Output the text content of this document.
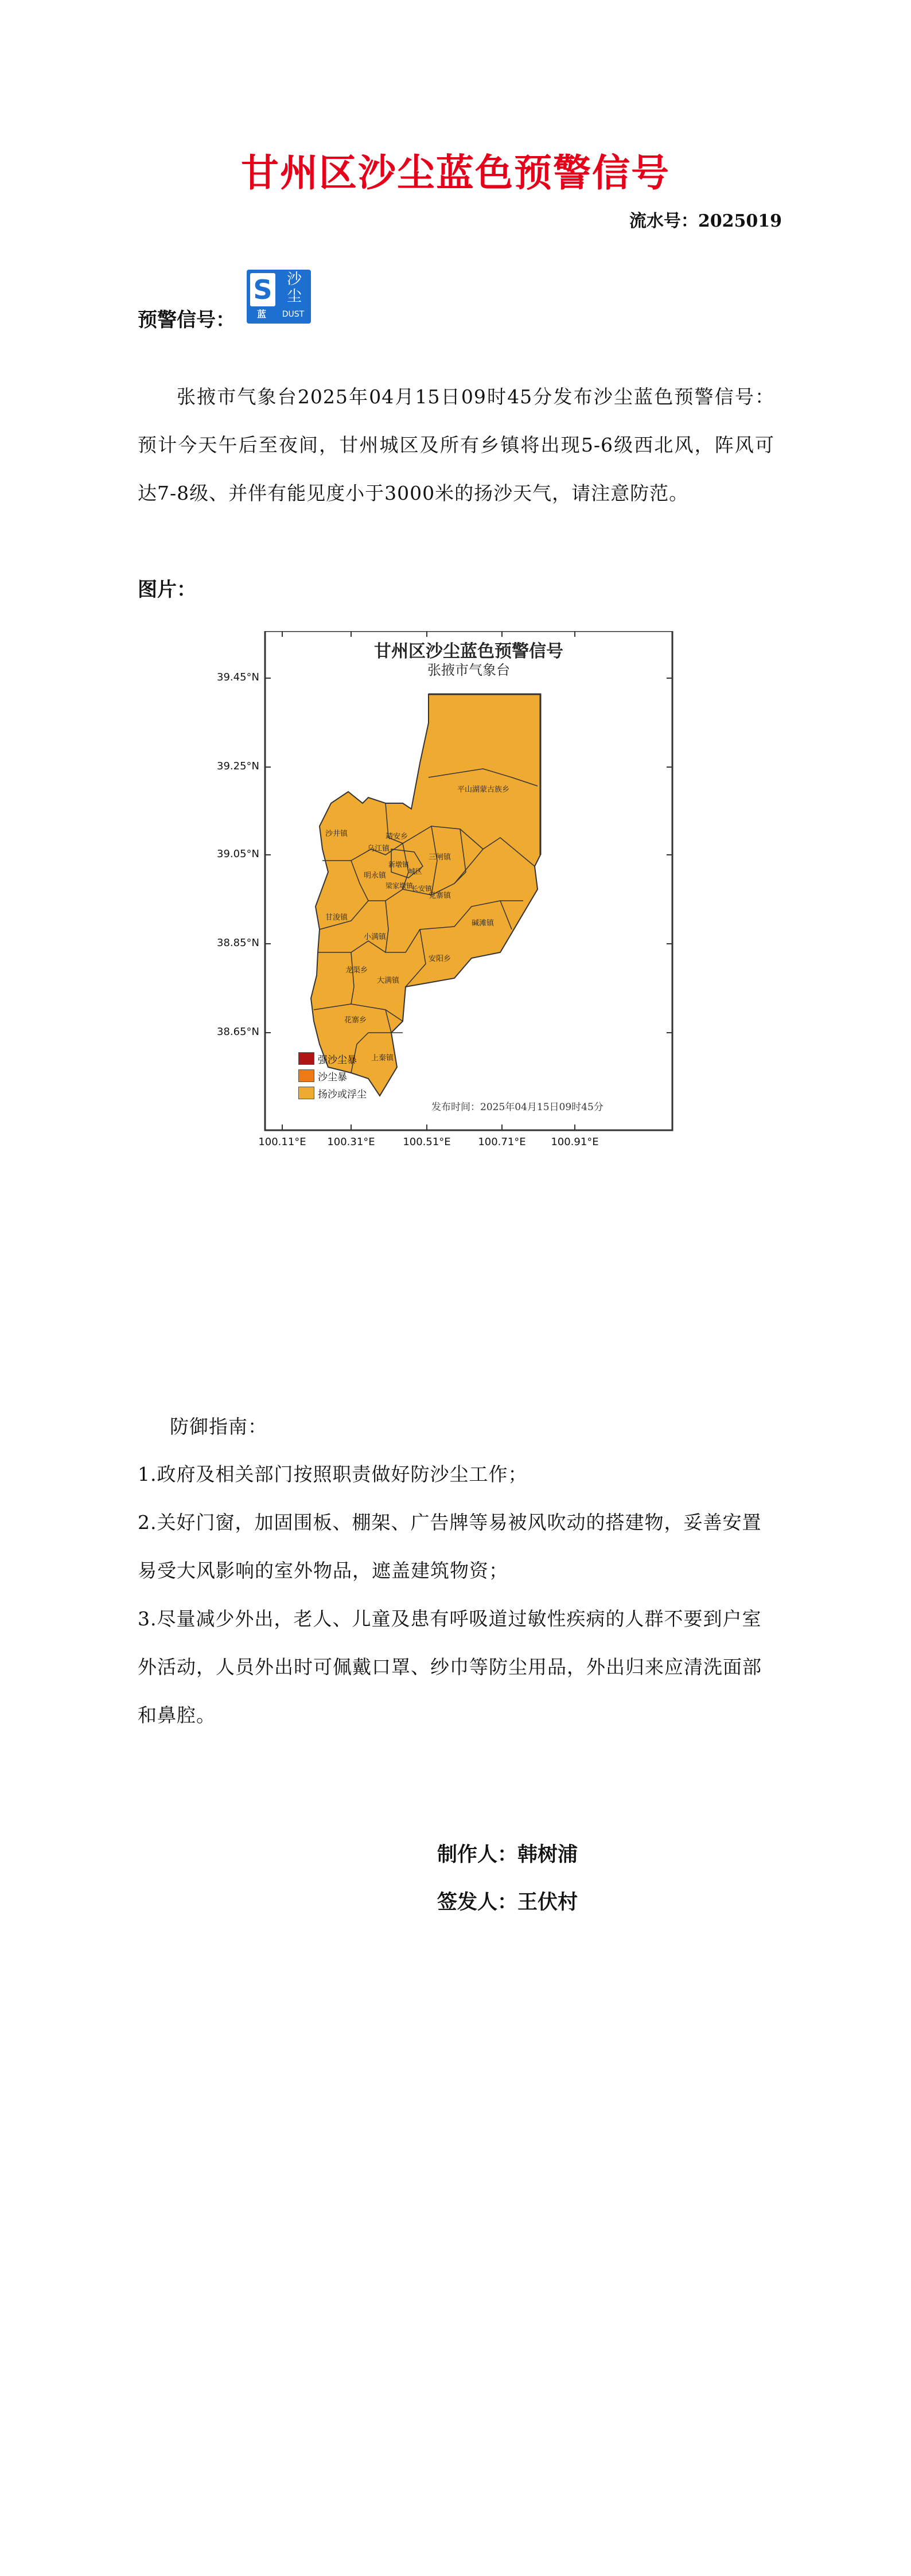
甘州区沙尘蓝色预警信号
流水号：2025019
预警信号：
S 沙
尘
蓝	DUST
张掖市气象台2025年04月15日09时45分发布沙尘蓝色预警信号：预计今天午后至夜间，甘州城区及所有乡镇将出现5-6级西北风，阵风可达7-8级、并伴有能见度小于3000米的扬沙天气，请注意防范。
图片：
甘州区沙尘蓝色预警信号
张掖市气象台
39.45°N
39.25°N
39.05°N
38.85°N
38.65°N
100.11°E	100.31°E	100.51°E	100.71°E	100.91°E
平山湖蒙古族乡
沙井镇
明永镇
乌江镇
三闸镇
靖安乡
党寨镇
甘浚镇
碱滩镇
小满镇
安阳乡
龙渠乡
大满镇
花寨乡
上秦镇
新墩镇
梁家墩镇
长安镇
城区
强沙尘暴
沙尘暴
扬沙或浮尘
发布时间：2025年04月15日09时45分
防御指南：
1.政府及相关部门按照职责做好防沙尘工作；
2.关好门窗，加固围板、棚架、广告牌等易被风吹动的搭建物，妥善安置易受大风影响的室外物品，遮盖建筑物资；
3.尽量减少外出，老人、儿童及患有呼吸道过敏性疾病的人群不要到户室外活动，人员外出时可佩戴口罩、纱巾等防尘用品，外出归来应清洗面部和鼻腔。
制作人：韩树浦
签发人：王伏村
